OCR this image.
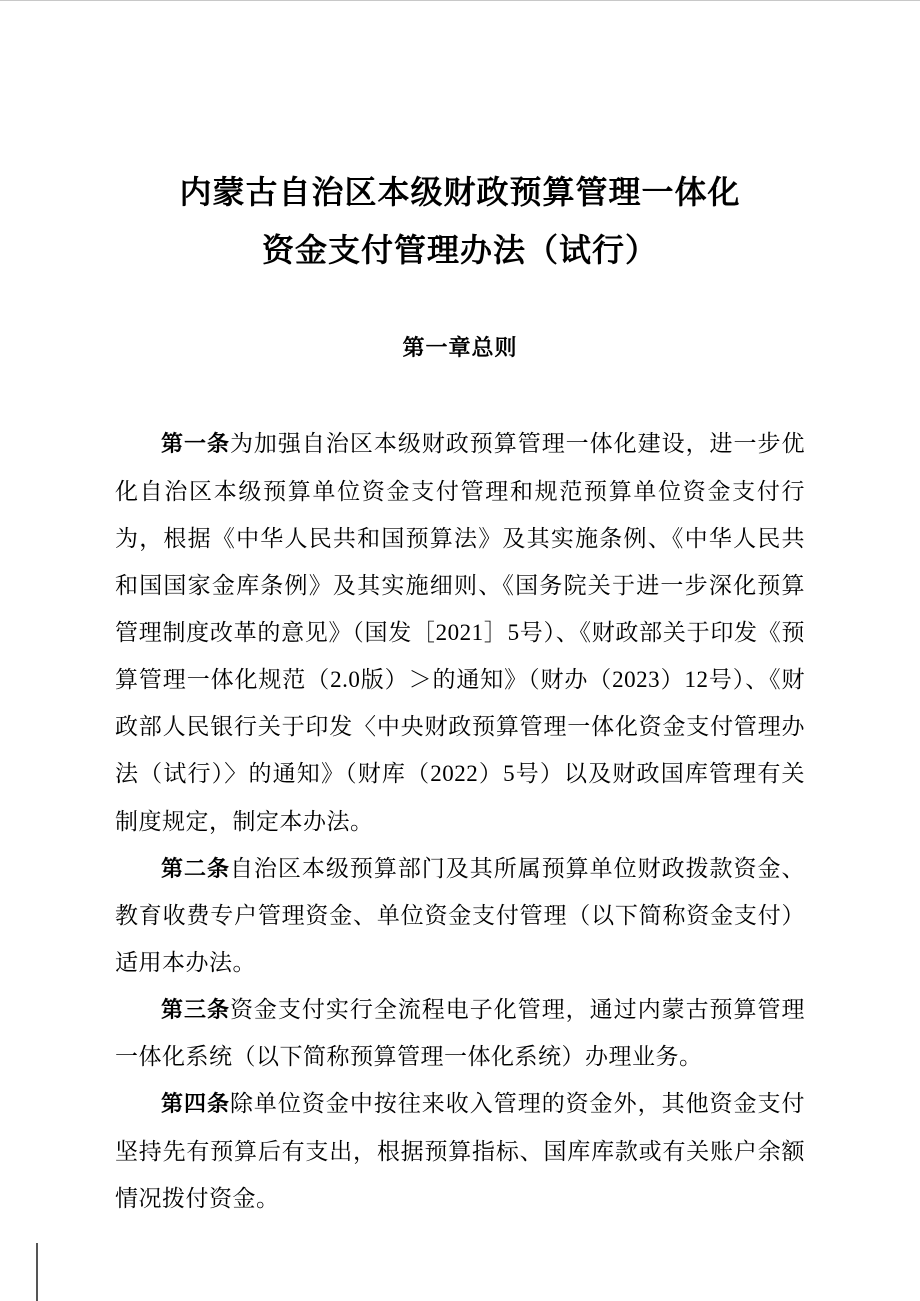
内蒙古自治区本级财政预算管理一体化
资金支付管理办法（试行）
第一章总则

第一条为加强自治区本级财政预算管理一体化建设，进一步优化自治区本级预算单位资金支付管理和规范预算单位资金支付行为，根据《中华人民共和国预算法》及其实施条例、《中华人民共和国国家金库条例》及其实施细则、《国务院关于进一步深化预算管理制度改革的意见》（国发［2021］5号）、《财政部关于印发《预算管理一体化规范（2.0版）＞的通知》（财办（2023）12号）、《财政部人民银行关于印发〈中央财政预算管理一体化资金支付管理办法（试行）〉的通知》（财库（2022）5号）以及财政国库管理有关制度规定，制定本办法。

第二条自治区本级预算部门及其所属预算单位财政拨款资金、教育收费专户管理资金、单位资金支付管理（以下简称资金支付）适用本办法。

第三条资金支付实行全流程电子化管理，通过内蒙古预算管理一体化系统（以下简称预算管理一体化系统）办理业务。

第四条除单位资金中按往来收入管理的资金外，其他资金支付坚持先有预算后有支出，根据预算指标、国库库款或有关账户余额情况拨付资金。
